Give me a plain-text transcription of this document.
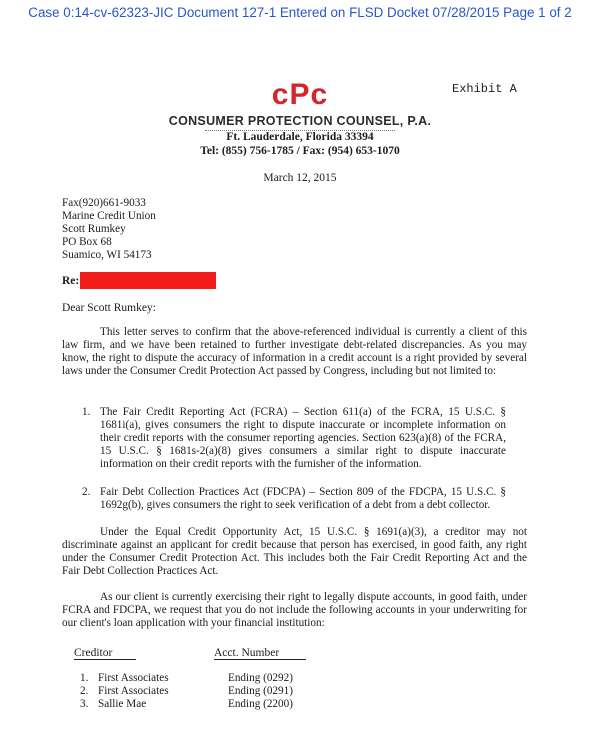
Case 0:14-cv-62323-JIC Document 127-1 Entered on FLSD Docket 07/28/2015 Page 1 of 2
Exhibit A
cPc
CONSUMER PROTECTION COUNSEL, P.A.
Ft. Lauderdale, Florida 33394
Tel: (855) 756-1785 / Fax: (954) 653-1070
March 12, 2015
Fax(920)661-9033
Marine Credit Union
Scott Rumkey
PO Box 68
Suamico, WI 54173
Re:
Dear Scott Rumkey:
This letter serves to confirm that the above-referenced individual is currently a client of this law firm, and we have been retained to further investigate debt-related discrepancies. As you may know, the right to dispute the accuracy of information in a credit account is a right provided by several laws under the Consumer Credit Protection Act passed by Congress, including but not limited to:
1. The Fair Credit Reporting Act (FCRA) – Section 611(a) of the FCRA, 15 U.S.C. § 1681i(a), gives consumers the right to dispute inaccurate or incomplete information on their credit reports with the consumer reporting agencies. Section 623(a)(8) of the FCRA, 15 U.S.C. § 1681s-2(a)(8) gives consumers a similar right to dispute inaccurate information on their credit reports with the furnisher of the information.
2. Fair Debt Collection Practices Act (FDCPA) – Section 809 of the FDCPA, 15 U.S.C. § 1692g(b), gives consumers the right to seek verification of a debt from a debt collector.
Under the Equal Credit Opportunity Act, 15 U.S.C. § 1691(a)(3), a creditor may not discriminate against an applicant for credit because that person has exercised, in good faith, any right under the Consumer Credit Protection Act. This includes both the Fair Credit Reporting Act and the Fair Debt Collection Practices Act.
As our client is currently exercising their right to legally dispute accounts, in good faith, under FCRA and FDCPA, we request that you do not include the following accounts in your underwriting for our client's loan application with your financial institution:
Creditor	Acct. Number
1. First Associates	Ending (0292)
2. First Associates	Ending (0291)
3. Sallie Mae	Ending (2200)
